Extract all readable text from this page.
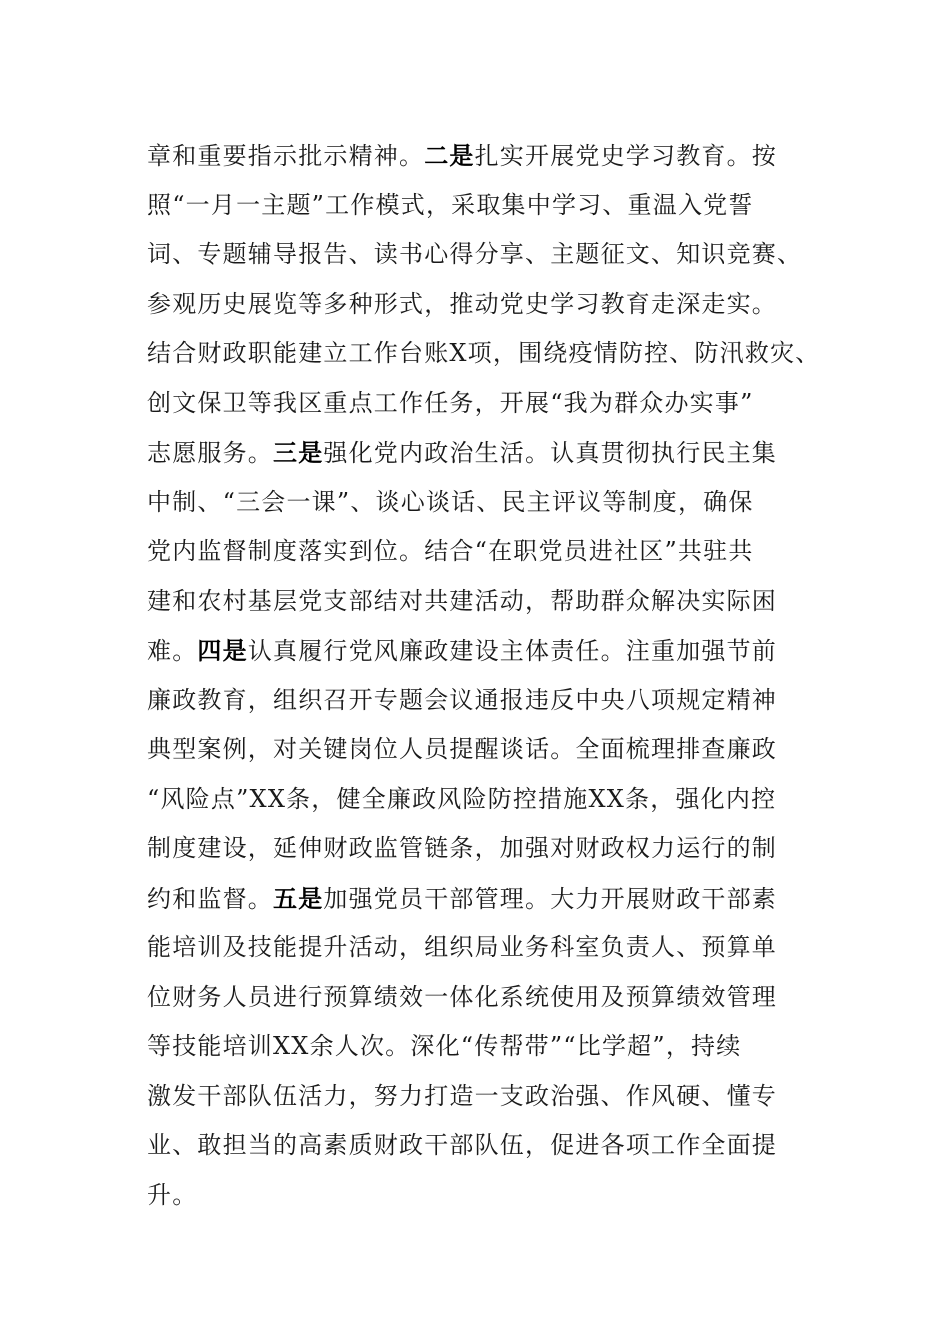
章和重要指示批示精神。二是扎实开展党史学习教育。按
照“一月一主题”工作模式，采取集中学习、重温入党誓
词、专题辅导报告、读书心得分享、主题征文、知识竞赛、
参观历史展览等多种形式，推动党史学习教育走深走实。
结合财政职能建立工作台账X项，围绕疫情防控、防汛救灾、
创文保卫等我区重点工作任务，开展“我为群众办实事”
志愿服务。三是强化党内政治生活。认真贯彻执行民主集
中制、“三会一课”、谈心谈话、民主评议等制度，确保
党内监督制度落实到位。结合“在职党员进社区”共驻共
建和农村基层党支部结对共建活动，帮助群众解决实际困
难。四是认真履行党风廉政建设主体责任。注重加强节前
廉政教育，组织召开专题会议通报违反中央八项规定精神
典型案例，对关键岗位人员提醒谈话。全面梳理排查廉政
“风险点”XX条，健全廉政风险防控措施XX条，强化内控
制度建设，延伸财政监管链条，加强对财政权力运行的制
约和监督。五是加强党员干部管理。大力开展财政干部素
能培训及技能提升活动，组织局业务科室负责人、预算单
位财务人员进行预算绩效一体化系统使用及预算绩效管理
等技能培训XX余人次。深化“传帮带”“比学超”，持续
激发干部队伍活力，努力打造一支政治强、作风硬、懂专
业、敢担当的高素质财政干部队伍，促进各项工作全面提
升。
